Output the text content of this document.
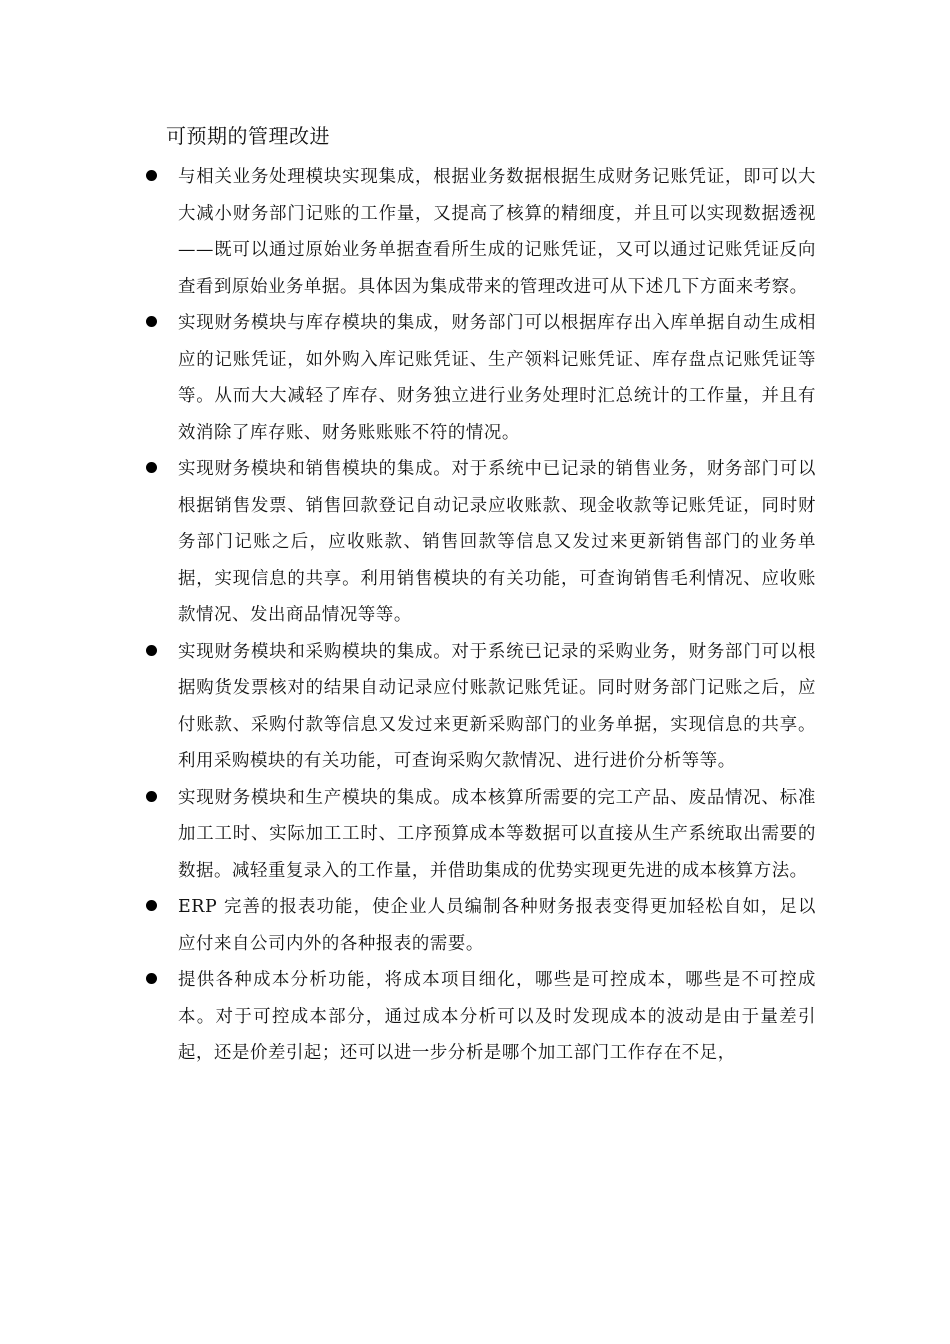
可预期的管理改进
与相关业务处理模块实现集成，根据业务数据根据生成财务记账凭证，即可以大大减小财务部门记账的工作量，又提高了核算的精细度，并且可以实现数据透视——既可以通过原始业务单据查看所生成的记账凭证，又可以通过记账凭证反向查看到原始业务单据。具体因为集成带来的管理改进可从下述几下方面来考察。
实现财务模块与库存模块的集成，财务部门可以根据库存出入库单据自动生成相应的记账凭证，如外购入库记账凭证、生产领料记账凭证、库存盘点记账凭证等等。从而大大减轻了库存、财务独立进行业务处理时汇总统计的工作量，并且有效消除了库存账、财务账账账不符的情况。
实现财务模块和销售模块的集成。对于系统中已记录的销售业务，财务部门可以根据销售发票、销售回款登记自动记录应收账款、现金收款等记账凭证，同时财务部门记账之后，应收账款、销售回款等信息又发过来更新销售部门的业务单据，实现信息的共享。利用销售模块的有关功能，可查询销售毛利情况、应收账款情况、发出商品情况等等。
实现财务模块和采购模块的集成。对于系统已记录的采购业务，财务部门可以根据购货发票核对的结果自动记录应付账款记账凭证。同时财务部门记账之后，应付账款、采购付款等信息又发过来更新采购部门的业务单据，实现信息的共享。利用采购模块的有关功能，可查询采购欠款情况、进行进价分析等等。
实现财务模块和生产模块的集成。成本核算所需要的完工产品、废品情况、标准加工工时、实际加工工时、工序预算成本等数据可以直接从生产系统取出需要的数据。减轻重复录入的工作量，并借助集成的优势实现更先进的成本核算方法。
ERP 完善的报表功能，使企业人员编制各种财务报表变得更加轻松自如，足以应付来自公司内外的各种报表的需要。
提供各种成本分析功能，将成本项目细化，哪些是可控成本，哪些是不可控成本。对于可控成本部分，通过成本分析可以及时发现成本的波动是由于量差引起，还是价差引起；还可以进一步分析是哪个加工部门工作存在不足，
